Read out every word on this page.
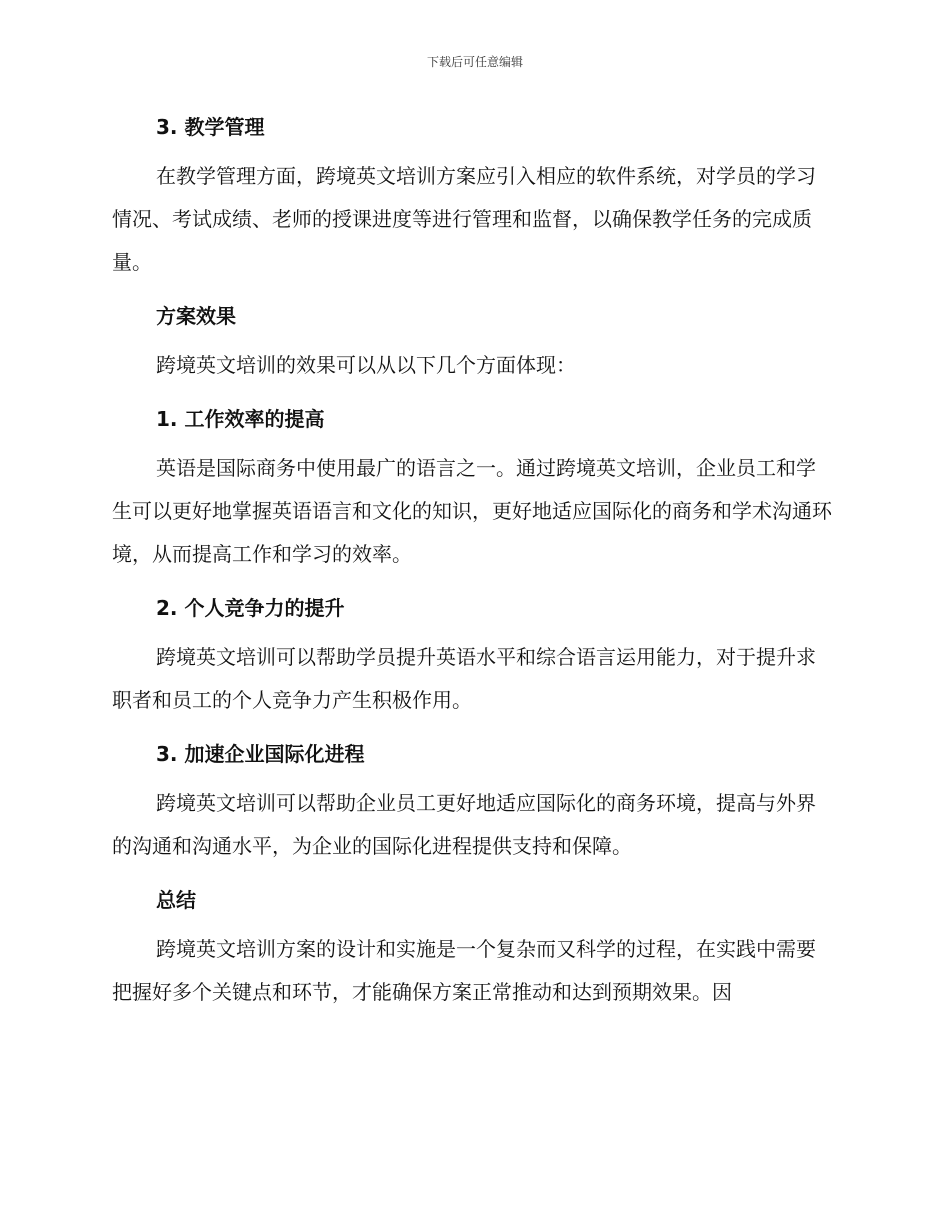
下载后可任意编辑
3. 教学管理
在教学管理方面，跨境英文培训方案应引入相应的软件系统，对学员的学习情况、考试成绩、老师的授课进度等进行管理和监督，以确保教学任务的完成质量。
方案效果
跨境英文培训的效果可以从以下几个方面体现：
1. 工作效率的提高
英语是国际商务中使用最广的语言之一。通过跨境英文培训，企业员工和学生可以更好地掌握英语语言和文化的知识，更好地适应国际化的商务和学术沟通环境，从而提高工作和学习的效率。
2. 个人竞争力的提升
跨境英文培训可以帮助学员提升英语水平和综合语言运用能力，对于提升求职者和员工的个人竞争力产生积极作用。
3. 加速企业国际化进程
跨境英文培训可以帮助企业员工更好地适应国际化的商务环境，提高与外界的沟通和沟通水平，为企业的国际化进程提供支持和保障。
总结
跨境英文培训方案的设计和实施是一个复杂而又科学的过程，在实践中需要把握好多个关键点和环节，才能确保方案正常推动和达到预期效果。因
